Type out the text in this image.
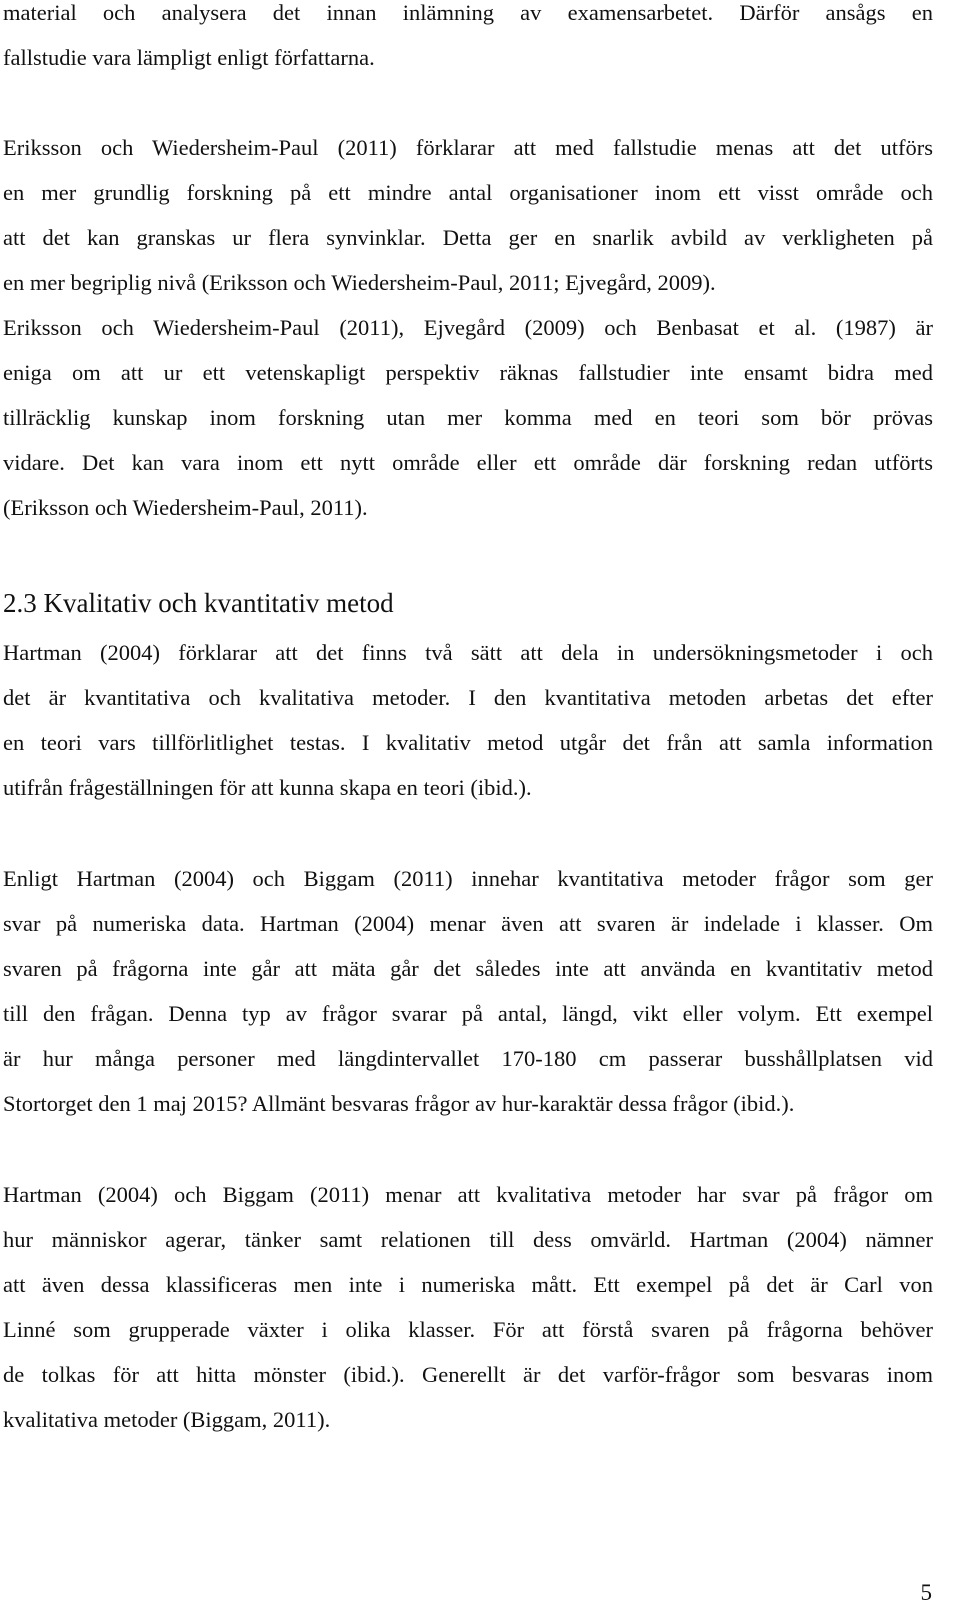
material och analysera det innan inlämning av examensarbetet. Därför ansågs en
fallstudie vara lämpligt enligt författarna.
Eriksson och Wiedersheim-Paul (2011) förklarar att med fallstudie menas att det utförs
en mer grundlig forskning på ett mindre antal organisationer inom ett visst område och
att det kan granskas ur flera synvinklar. Detta ger en snarlik avbild av verkligheten på
en mer begriplig nivå (Eriksson och Wiedersheim-Paul, 2011; Ejvegård, 2009).
Eriksson och Wiedersheim-Paul (2011), Ejvegård (2009) och Benbasat et al. (1987) är
eniga om att ur ett vetenskapligt perspektiv räknas fallstudier inte ensamt bidra med
tillräcklig kunskap inom forskning utan mer komma med en teori som bör prövas
vidare. Det kan vara inom ett nytt område eller ett område där forskning redan utförts
(Eriksson och Wiedersheim-Paul, 2011).
2.3 Kvalitativ och kvantitativ metod
Hartman (2004) förklarar att det finns två sätt att dela in undersökningsmetoder i och
det är kvantitativa och kvalitativa metoder. I den kvantitativa metoden arbetas det efter
en teori vars tillförlitlighet testas. I kvalitativ metod utgår det från att samla information
utifrån frågeställningen för att kunna skapa en teori (ibid.).
Enligt Hartman (2004) och Biggam (2011) innehar kvantitativa metoder frågor som ger
svar på numeriska data. Hartman (2004) menar även att svaren är indelade i klasser. Om
svaren på frågorna inte går att mäta går det således inte att använda en kvantitativ metod
till den frågan. Denna typ av frågor svarar på antal, längd, vikt eller volym. Ett exempel
är hur många personer med längdintervallet 170-180 cm passerar busshållplatsen vid
Stortorget den 1 maj 2015? Allmänt besvaras frågor av hur-karaktär dessa frågor (ibid.).
Hartman (2004) och Biggam (2011) menar att kvalitativa metoder har svar på frågor om
hur människor agerar, tänker samt relationen till dess omvärld. Hartman (2004) nämner
att även dessa klassificeras men inte i numeriska mått. Ett exempel på det är Carl von
Linné som grupperade växter i olika klasser. För att förstå svaren på frågorna behöver
de tolkas för att hitta mönster (ibid.). Generellt är det varför-frågor som besvaras inom
kvalitativa metoder (Biggam, 2011).
5
